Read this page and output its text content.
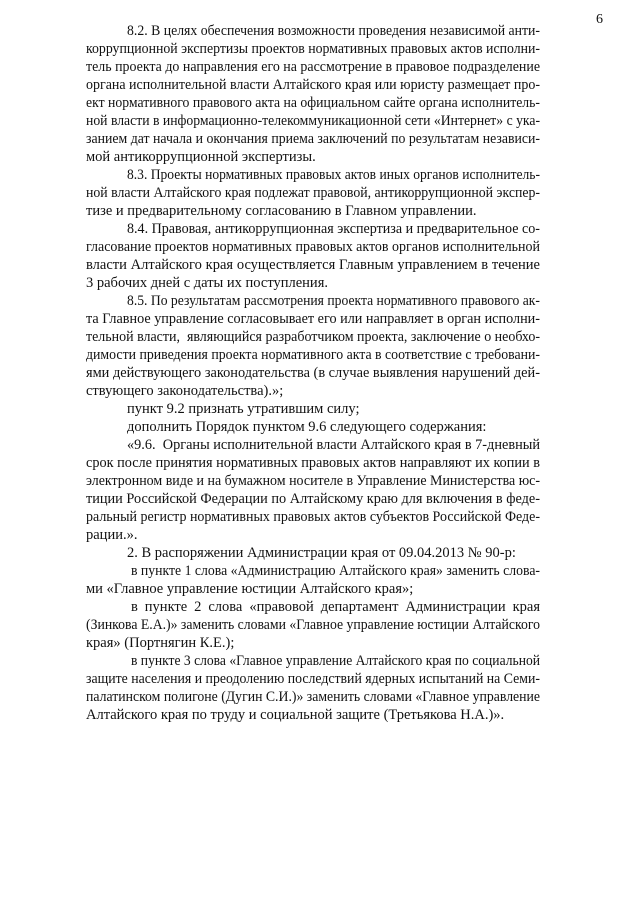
6
8.2. В целях обеспечения возможности проведения независимой анти-
коррупционной экспертизы проектов нормативных правовых актов исполни-
тель проекта до направления его на рассмотрение в правовое подразделение
органа исполнительной власти Алтайского края или юристу размещает про-
ект нормативного правового акта на официальном сайте органа исполнитель-
ной власти в информационно-телекоммуникационной сети «Интернет» с ука-
занием дат начала и окончания приема заключений по результатам независи-
мой антикоррупционной экспертизы.
8.3. Проекты нормативных правовых актов иных органов исполнитель-
ной власти Алтайского края подлежат правовой, антикоррупционной экспер-
тизе и предварительному согласованию в Главном управлении.
8.4. Правовая, антикоррупционная экспертиза и предварительное со-
гласование проектов нормативных правовых актов органов исполнительной
власти Алтайского края осуществляется Главным управлением в течение
3 рабочих дней с даты их поступления.
8.5. По результатам рассмотрения проекта нормативного правового ак-
та Главное управление согласовывает его или направляет в орган исполни-
тельной власти,  являющийся разработчиком проекта, заключение о необхо-
димости приведения проекта нормативного акта в соответствие с требовани-
ями действующего законодательства (в случае выявления нарушений дей-
ствующего законодательства).»;
пункт 9.2 признать утратившим силу;
дополнить Порядок пунктом 9.6 следующего содержания:
«9.6.  Органы исполнительной власти Алтайского края в 7-дневный
срок после принятия нормативных правовых актов направляют их копии в
электронном виде и на бумажном носителе в Управление Министерства юс-
тиции Российской Федерации по Алтайскому краю для включения в феде-
ральный регистр нормативных правовых актов субъектов Российской Феде-
рации.».
2. В распоряжении Администрации края от 09.04.2013 № 90-р:
в пункте 1 слова «Администрацию Алтайского края» заменить слова-
ми «Главное управление юстиции Алтайского края»;
в пункте 2 слова «правовой департамент Администрации края
(Зинкова Е.А.)» заменить словами «Главное управление юстиции Алтайского
края» (Портнягин К.Е.);
в пункте 3 слова «Главное управление Алтайского края по социальной
защите населения и преодолению последствий ядерных испытаний на Семи-
палатинском полигоне (Дугин С.И.)» заменить словами «Главное управление
Алтайского края по труду и социальной защите (Третьякова Н.А.)».
